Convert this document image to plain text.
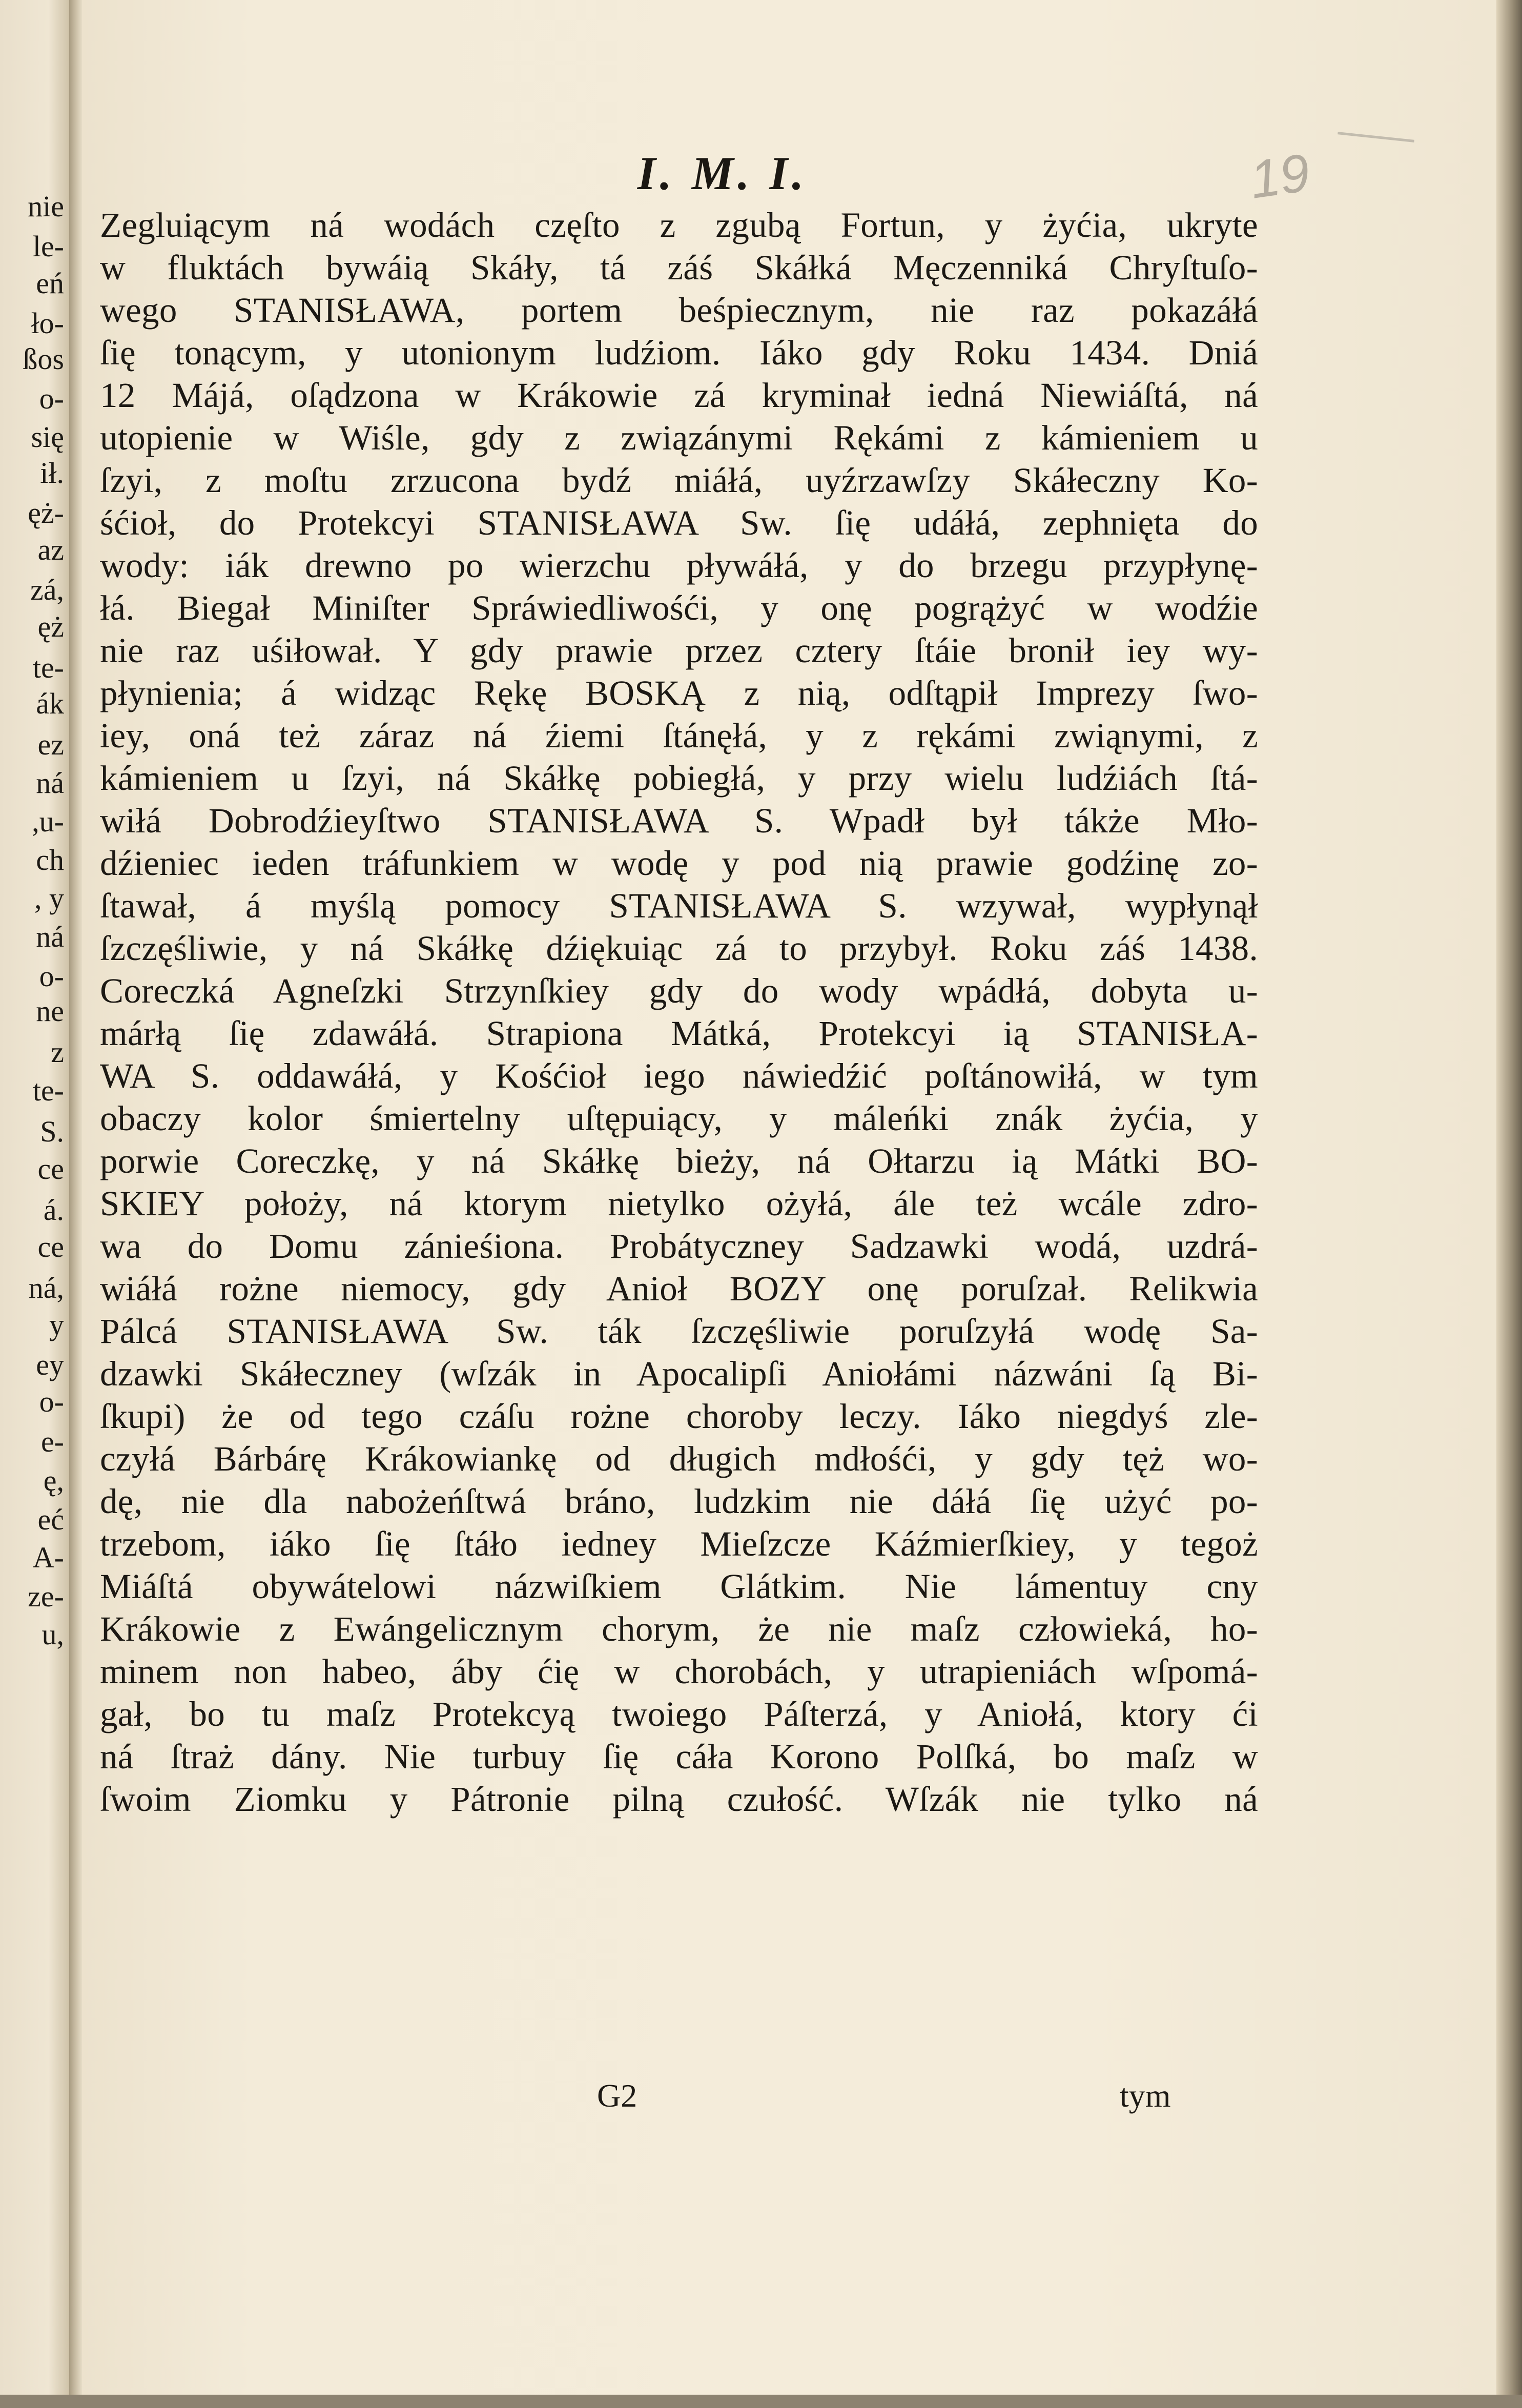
nie
le-
eń
ło-
ßos
o-
się
ił.
ęż-
az
zá,
ęż
te-
ák
ez
ná
,u-
ch
, y
ná
o-
ne
z
te-
S.
ce
á.
ce
ná,
y
ey
o-
e-
ę,
eć
A-
ze-
u,
I. M. I.	19
Zegluiącym ná wodách częſto z zgubą Fortun, y żyćia, ukryte
w fluktách bywáią Skáły, tá záś Skáłká Męczenniká Chryſtuſo-
wego STANISŁAWA, portem beśpiecznym, nie raz pokazáłá
ſię tonącym, y utonionym ludźiom. Iáko gdy Roku 1434. Dniá
12 Májá, oſądzona w Krákowie zá kryminał iedná Niewiáſtá, ná
utopienie w Wiśle, gdy z związánymi Rękámi z kámieniem u
ſzyi, z moſtu zrzucona bydź miáłá, uyźrzawſzy Skáłeczny Ko-
śćioł, do Protekcyi STANISŁAWA Sw. ſię udáłá, zephnięta do
wody: iák drewno po wierzchu pływáłá, y do brzegu przypłynę-
łá. Biegał Miniſter Spráwiedliwośći, y onę pogrążyć w wodźie
nie raz uśiłował. Y gdy prawie przez cztery ſtáie bronił iey wy-
płynienia; á widząc Rękę BOSKĄ z nią, odſtąpił Imprezy ſwo-
iey, oná też záraz ná źiemi ſtánęłá, y z rękámi zwiąnymi, z
kámieniem u ſzyi, ná Skáłkę pobiegłá, y przy wielu ludźiách ſtá-
wiłá Dobrodźieyſtwo STANISŁAWA S. Wpadł był tákże Mło-
dźieniec ieden tráfunkiem w wodę y pod nią prawie godźinę zo-
ſtawał, á myślą pomocy STANISŁAWA S. wzywał, wypłynął
ſzczęśliwie, y ná Skáłkę dźiękuiąc zá to przybył. Roku záś 1438.
Coreczká Agneſzki Strzynſkiey gdy do wody wpádłá, dobyta u-
márłą ſię zdawáłá. Strapiona Mátká, Protekcyi ią STANISŁA-
WA S. oddawáłá, y Kośćioł iego náwiedźić poſtánowiłá, w tym
obaczy kolor śmiertelny uſtępuiący, y máleńki znák żyćia, y
porwie Coreczkę, y ná Skáłkę bieży, ná Ołtarzu ią Mátki BO-
SKIEY położy, ná ktorym nietylko ożyłá, ále też wcále zdro-
wa do Domu zánieśiona. Probátyczney Sadzawki wodá, uzdrá-
wiáłá rożne niemocy, gdy Anioł BOZY onę poruſzał. Relikwia
Pálcá STANISŁAWA Sw. ták ſzczęśliwie poruſzyłá wodę Sa-
dzawki Skáłeczney (wſzák in Apocalipſi Aniołámi názwáni ſą Bi-
ſkupi) że od tego czáſu rożne choroby leczy. Iáko niegdyś zle-
czyłá Bárbárę Krákowiankę od długich mdłośći, y gdy tęż wo-
dę, nie dla nabożeńſtwá bráno, ludzkim nie dáłá ſię użyć po-
trzebom, iáko ſię ſtáło iedney Mieſzcze Káźmierſkiey, y tegoż
Miáſtá obywátelowi názwiſkiem Glátkim. Nie lámentuy cny
Krákowie z Ewángelicznym chorym, że nie maſz człowieká, ho-
minem non habeo, áby ćię w chorobách, y utrapieniách wſpomá-
gał, bo tu maſz Protekcyą twoiego Páſterzá, y Aniołá, ktory ći
ná ſtraż dány. Nie turbuy ſię cáła Korono Polſká, bo maſz w
ſwoim Ziomku y Pátronie pilną czułość. Wſzák nie tylko ná
G2	tym
